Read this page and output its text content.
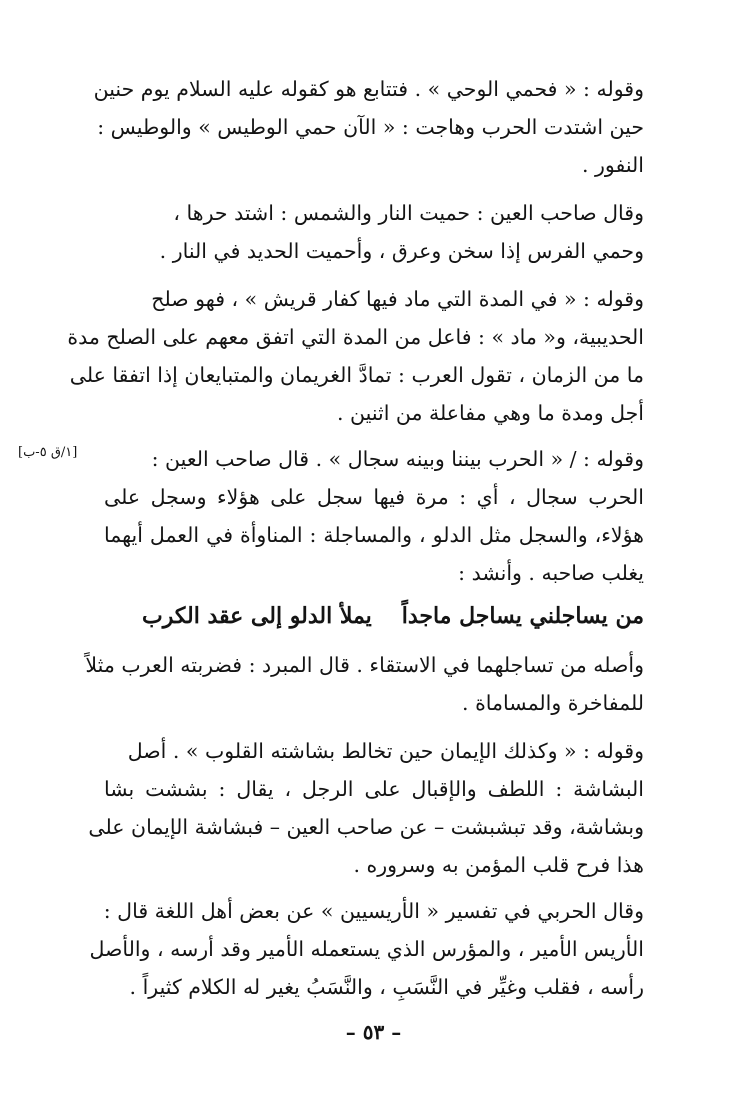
وقوله : « فحمي الوحي » . فتتابع هو كقوله عليه السلام يوم حنين
حين اشتدت الحرب وهاجت : « الآن حمي الوطيس » والوطيس :
النفور .
وقال صاحب العين : حميت النار والشمس : اشتد حرها ،
وحمي الفرس إذا سخن وعرق ، وأحميت الحديد في النار .
وقوله : « في المدة التي ماد فيها كفار قريش » ، فهو صلح
الحديبية، و« ماد » : فاعل من المدة التي اتفق معهم على الصلح مدة
ما من الزمان ، تقول العرب : تمادَّ الغريمان والمتبايعان إذا اتفقا على
أجل ومدة ما وهي مفاعلة من اثنين .
وقوله : / « الحرب بيننا وبينه سجال » . قال صاحب العين :
الحرب سجال ، أي : مرة فيها سجل على هؤلاء وسجل على
هؤلاء، والسجل مثل الدلو ، والمساجلة : المناوأة في العمل أيهما
يغلب صاحبه . وأنشد :
[١/ق ٥-ب]
من يساجلني يساجل ماجداً
يملأ الدلو إلى عقد الكرب
وأصله من تساجلهما في الاستقاء . قال المبرد : فضربته العرب مثلاً
للمفاخرة والمساماة .
وقوله : « وكذلك الإيمان حين تخالط بشاشته القلوب » . أصل
البشاشة : اللطف والإقبال على الرجل ، يقال : بششت بشا
وبشاشة، وقد تبشبشت – عن صاحب العين – فبشاشة الإيمان على
هذا فرح قلب المؤمن به وسروره .
وقال الحربي في تفسير « الأريسيين » عن بعض أهل اللغة قال :
الأريس الأمير ، والمؤرس الذي يستعمله الأمير وقد أرسه ، والأصل
رأسه ، فقلب وغيِّر في النَّسَبِ ، والنَّسَبُ يغير له الكلام كثيراً .
– ٥٣ –
